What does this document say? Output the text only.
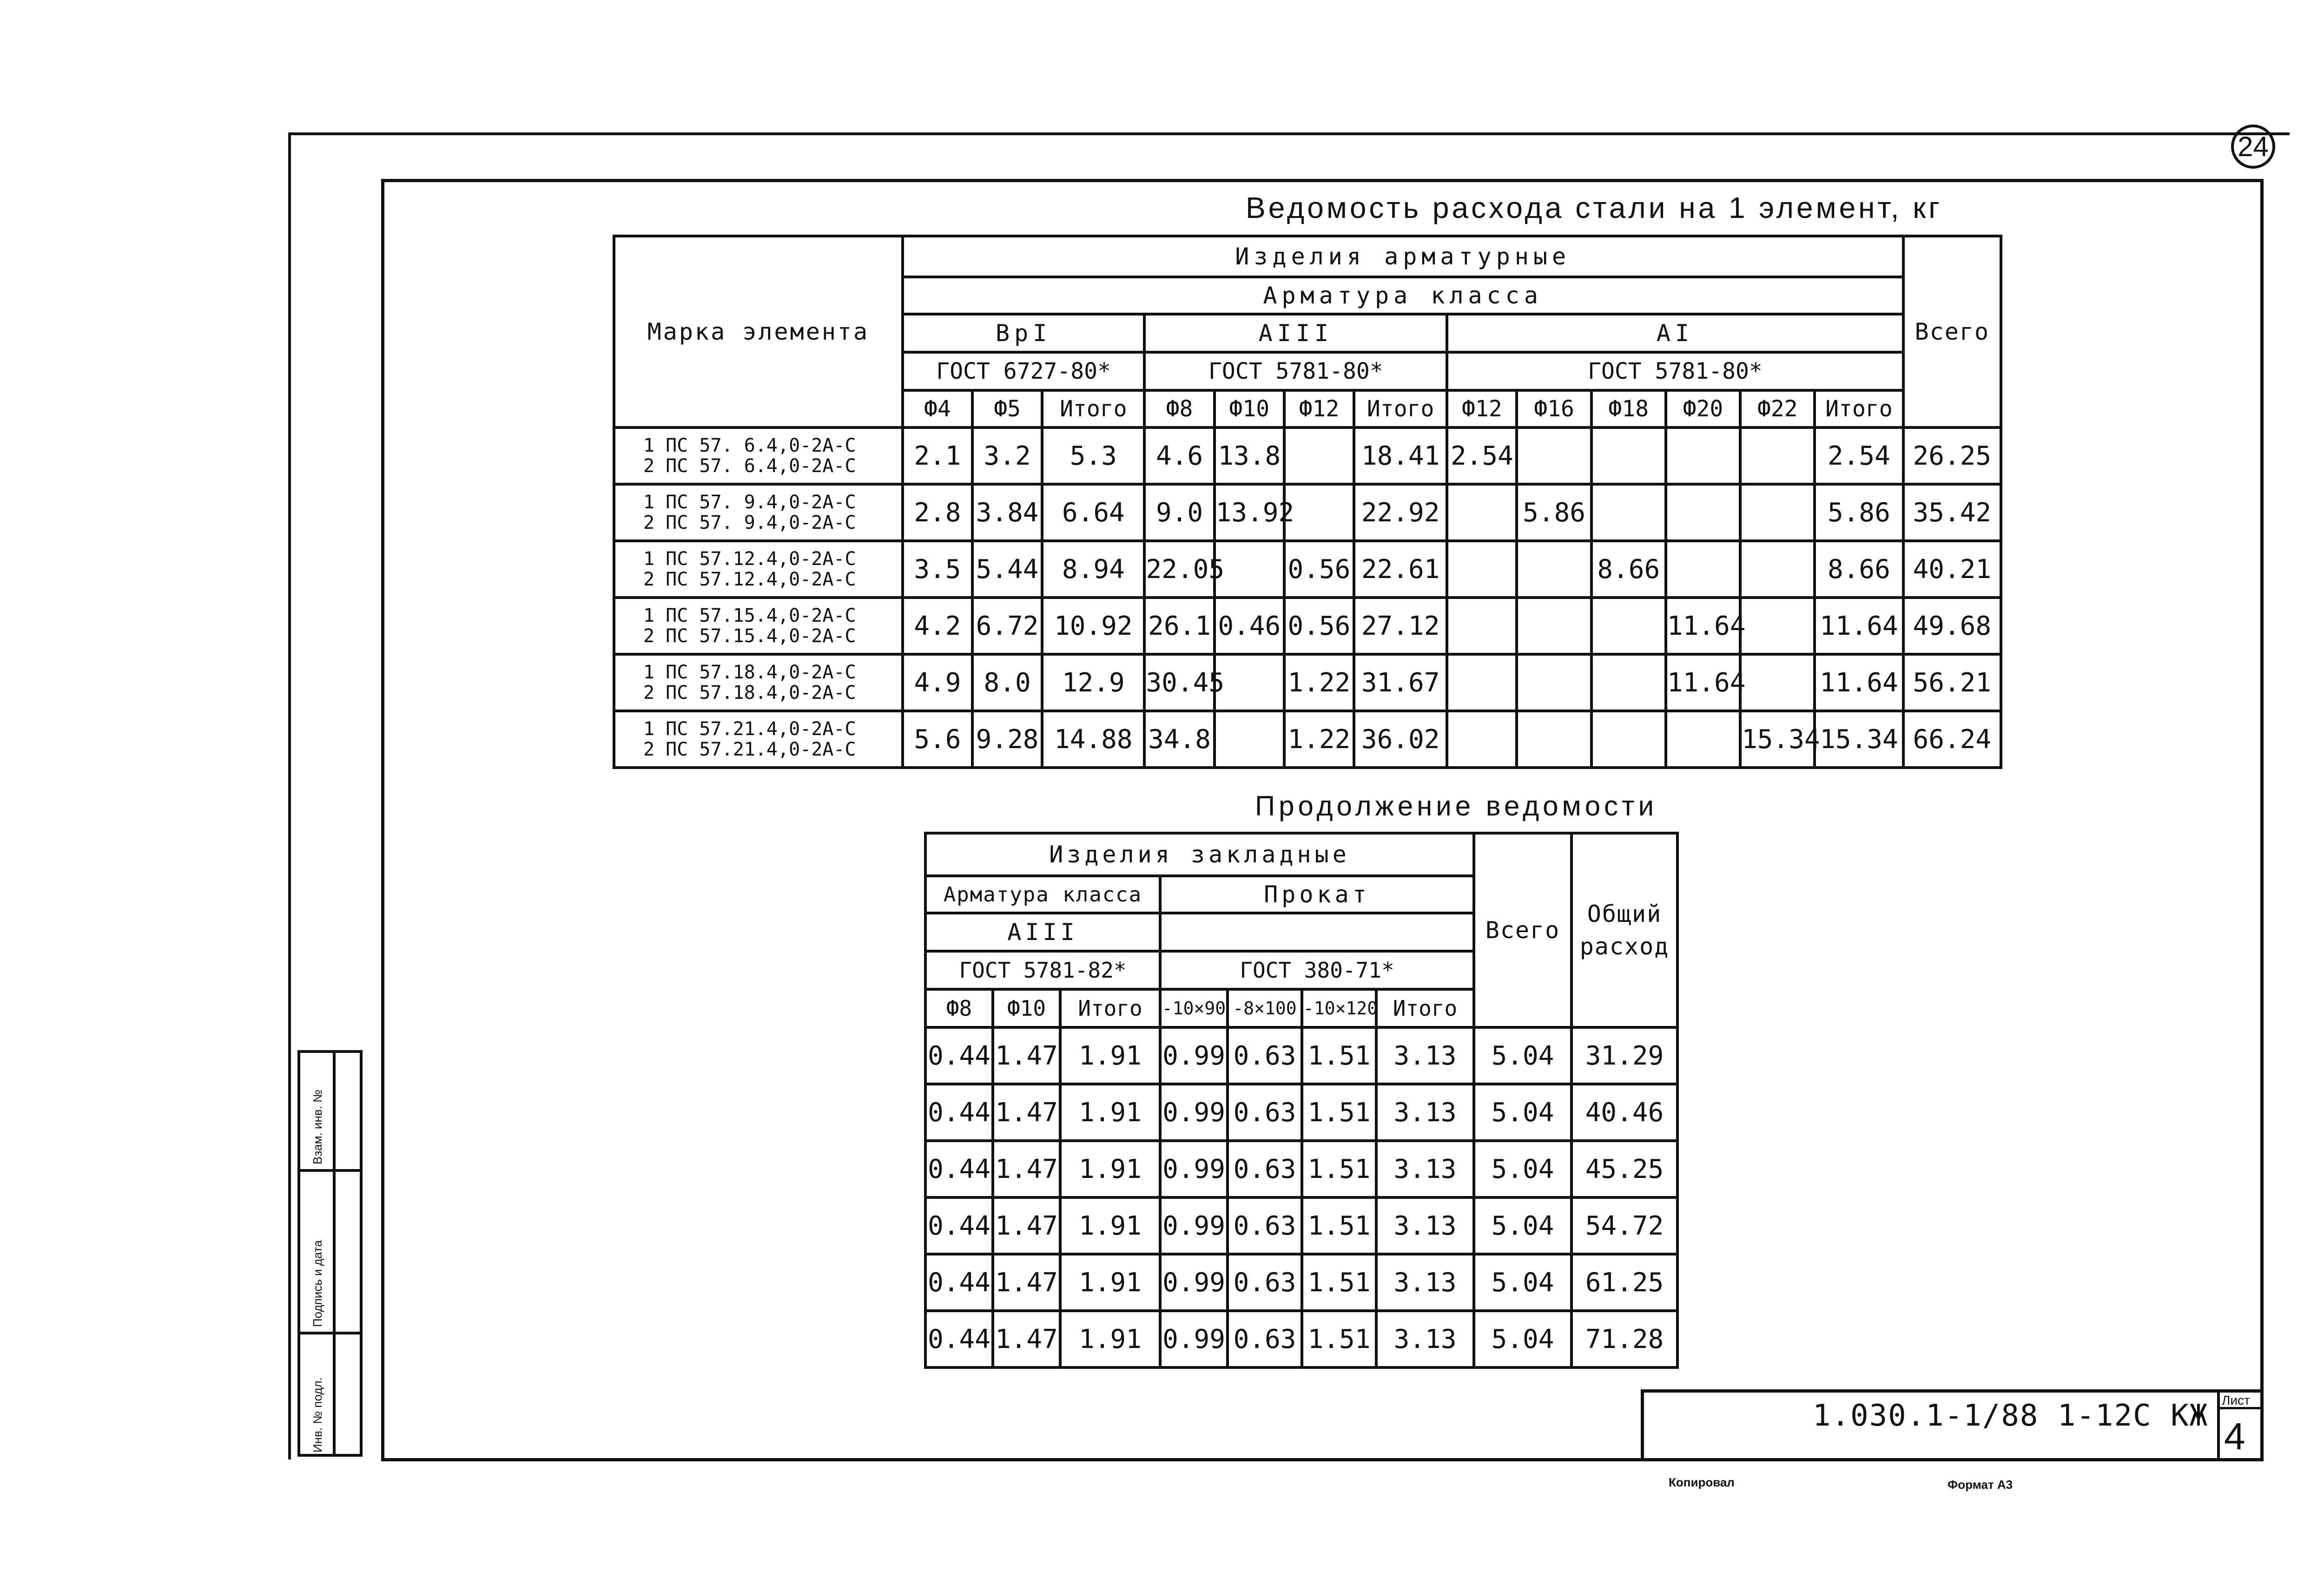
24
Ведомость расхода стали на 1 элемент, кг
Марка элемента	Изделия арматурные													Всего
	Арматура класса													
	ВрI			АIII				АI						
	ГОСТ 6727-80*			ГОСТ 5781-80*				ГОСТ 5781-80*						
	Ф4	Ф5	Итого	Ф8	Ф10	Ф12	Итого	Ф12	Ф16	Ф18	Ф20	Ф22	Итого	

1 ПС 57. 6.4,0-2А-С
2 ПС 57. 6.4,0-2А-С	2.1	3.2	5.3	4.6	13.8		18.41	2.54					2.54	26.25

1 ПС 57. 9.4,0-2А-С
2 ПС 57. 9.4,0-2А-С	2.8	3.84	6.64	9.0	13.92		22.92		5.86				5.86	35.42

1 ПС 57.12.4,0-2А-С
2 ПС 57.12.4,0-2А-С	3.5	5.44	8.94	22.05		0.56	22.61			8.66			8.66	40.21

1 ПС 57.15.4,0-2А-С
2 ПС 57.15.4,0-2А-С	4.2	6.72	10.92	26.1	0.46	0.56	27.12				11.64		11.64	49.68

1 ПС 57.18.4,0-2А-С
2 ПС 57.18.4,0-2А-С	4.9	8.0	12.9	30.45		1.22	31.67				11.64		11.64	56.21

1 ПС 57.21.4,0-2А-С
2 ПС 57.21.4,0-2А-С	5.6	9.28	14.88	34.8		1.22	36.02					15.34	15.34	66.24
Продолжение ведомости
Изделия закладные							Всего	Общий
расход
Арматура класса			Прокат					
АIII								
ГОСТ 5781-82*			ГОСТ 380-71*					
Ф8	Ф10	Итого	-10×90	-8×100	-10×120	Итого		
0.44	1.47	1.91	0.99	0.63	1.51	3.13	5.04	31.29
0.44	1.47	1.91	0.99	0.63	1.51	3.13	5.04	40.46
0.44	1.47	1.91	0.99	0.63	1.51	3.13	5.04	45.25
0.44	1.47	1.91	0.99	0.63	1.51	3.13	5.04	54.72
0.44	1.47	1.91	0.99	0.63	1.51	3.13	5.04	61.25
0.44	1.47	1.91	0.99	0.63	1.51	3.13	5.04	71.28
Инв. № подл.
Подпись и дата
Взам. инв. №
1.030.1-1/88 1-12С КЖ Лист
4
Копировал	Формат А3
